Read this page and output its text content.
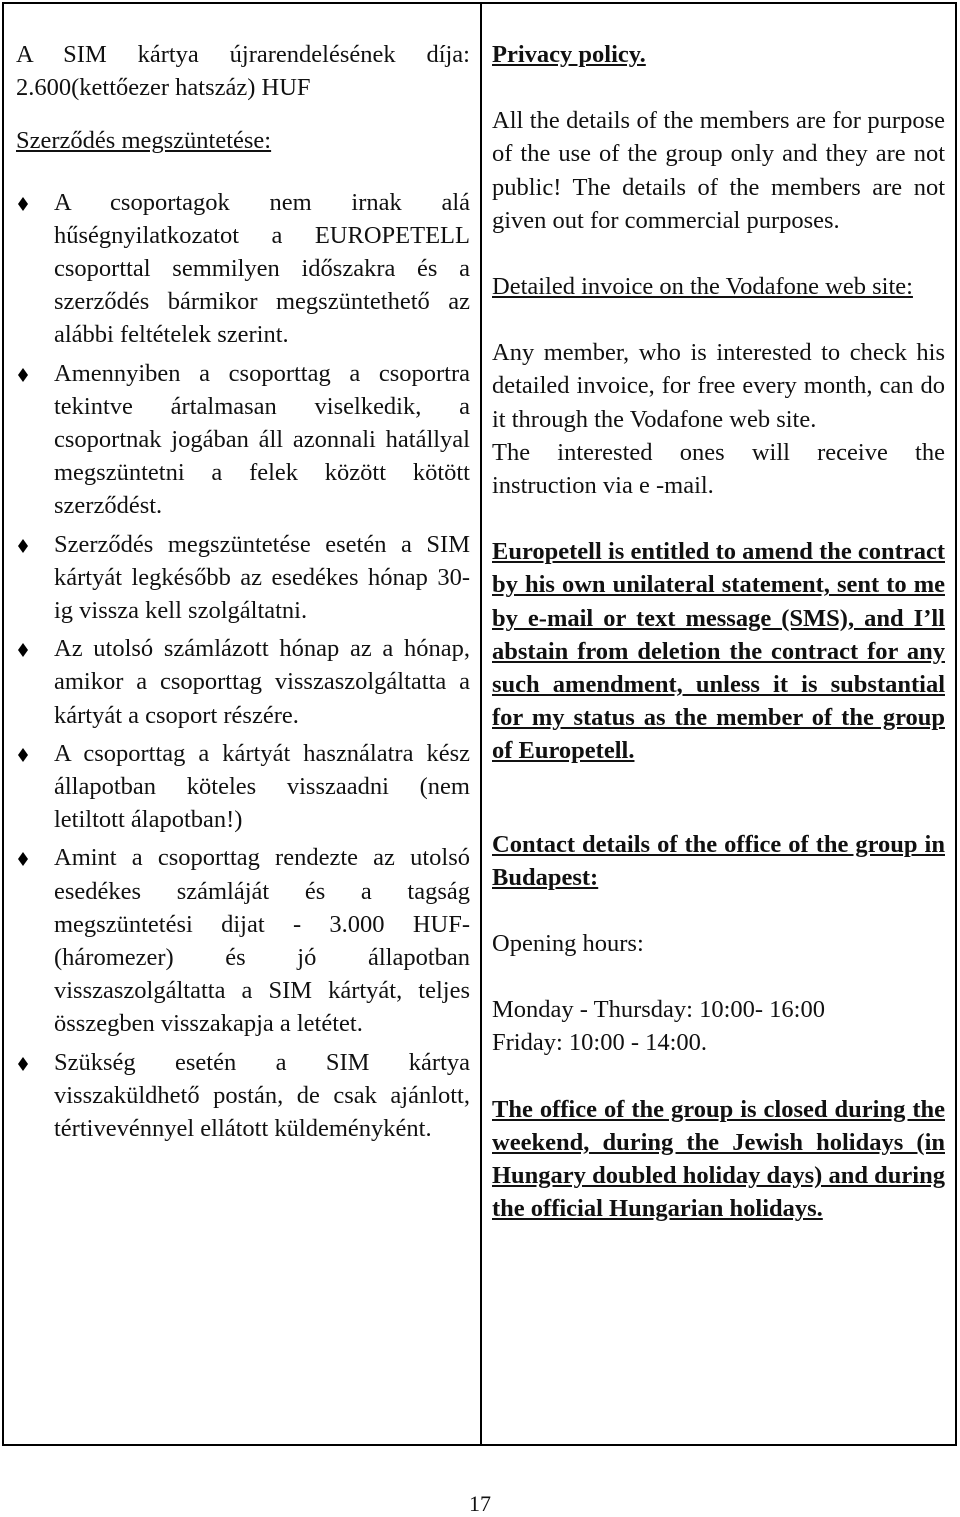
A SIM kártya újrarendelésének díja: 2.600(kettőezer hatszáz) HUF

Szerződés megszüntetése:

A csoportagok nem irnak alá hűségnyilatkozatot a EUROPETELL csoporttal semmilyen időszakra és a szerződés bármikor megszüntethető az alábbi feltételek szerint.
Amennyiben a csoporttag a csoportra tekintve ártalmasan viselkedik, a csoportnak jogában áll azonnali hatállyal megszüntetni a felek között kötött szerződést.
Szerződés megszüntetése esetén a SIM kártyát legkésőbb az esedékes hónap 30-ig vissza kell szolgáltatni.
Az utolsó számlázott hónap az a hónap, amikor a csoporttag visszaszolgáltatta a kártyát a csoport részére.
A csoporttag a kártyát használatra kész állapotban köteles visszaadni (nem letiltott álapotban!)
Amint a csoporttag rendezte az utolsó esedékes számláját és a tagság megszüntetési dijat - 3.000 HUF- (háromezer) és jó állapotban visszaszolgáltatta a SIM kártyát, teljes összegben visszakapja a letétet.
Szükség esetén a SIM kártya visszaküldhető postán, de csak ajánlott, tértivevénnyel ellátott küldeményként.

Privacy policy.

All the details of the members are for purpose of the use of the group only and they are not public! The details of the members are not given out for commercial purposes.

Detailed invoice on the Vodafone web site:

Any member, who is interested to check his detailed invoice, for free every month, can do it through the Vodafone web site.

The interested ones will receive the instruction via e -mail.

Europetell is entitled to amend the contract by his own unilateral statement, sent to me by e-mail or text message (SMS), and I’ll abstain from deletion the contract for any such amendment, unless it is substantial for my status as the member of the group of Europetell.

Contact details of the office of the group in Budapest:

Opening hours:

Monday - Thursday: 10:00- 16:00

Friday: 10:00 - 14:00.

The office of the group is closed during the weekend, during the Jewish holidays (in Hungary doubled holiday days) and during the official Hungarian holidays.

17
